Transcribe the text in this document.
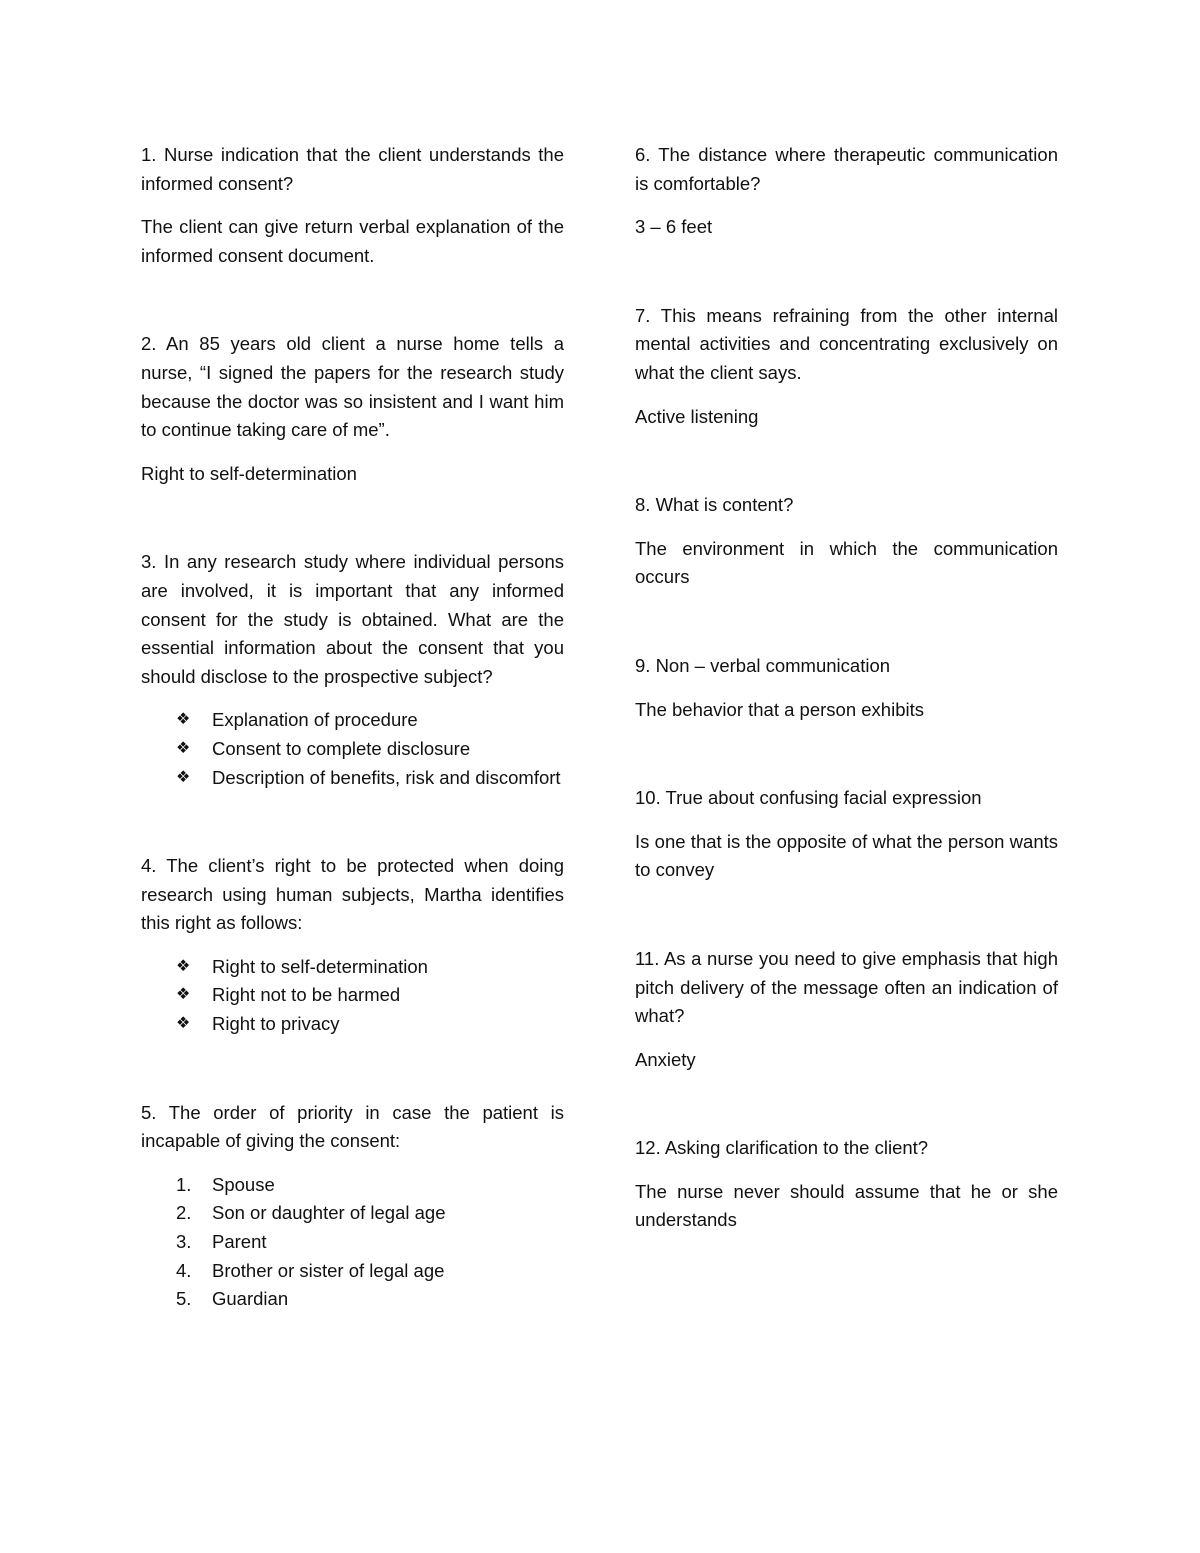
1. Nurse indication that the client understands the informed consent?

The client can give return verbal explanation of the informed consent document.

2. An 85 years old client a nurse home tells a nurse, “I signed the papers for the research study because the doctor was so insistent and I want him to continue taking care of me”.

Right to self-determination

3. In any research study where individual persons are involved, it is important that any informed consent for the study is obtained. What are the essential information about the consent that you should disclose to the prospective subject?

❖ Explanation of procedure
❖ Consent to complete disclosure
❖ Description of benefits, risk and discomfort

4. The client’s right to be protected when doing research using human subjects, Martha identifies this right as follows:

❖ Right to self-determination
❖ Right not to be harmed
❖ Right to privacy

5. The order of priority in case the patient is incapable of giving the consent:

1. Spouse
2. Son or daughter of legal age
3. Parent
4. Brother or sister of legal age
5. Guardian

6. The distance where therapeutic communication is comfortable?

3 – 6 feet

7. This means refraining from the other internal mental activities and concentrating exclusively on what the client says.

Active listening

8. What is content?

The environment in which the communication occurs

9. Non – verbal communication

The behavior that a person exhibits

10. True about confusing facial expression

Is one that is the opposite of what the person wants to convey

11. As a nurse you need to give emphasis that high pitch delivery of the message often an indication of what?

Anxiety

12. Asking clarification to the client?

The nurse never should assume that he or she understands
